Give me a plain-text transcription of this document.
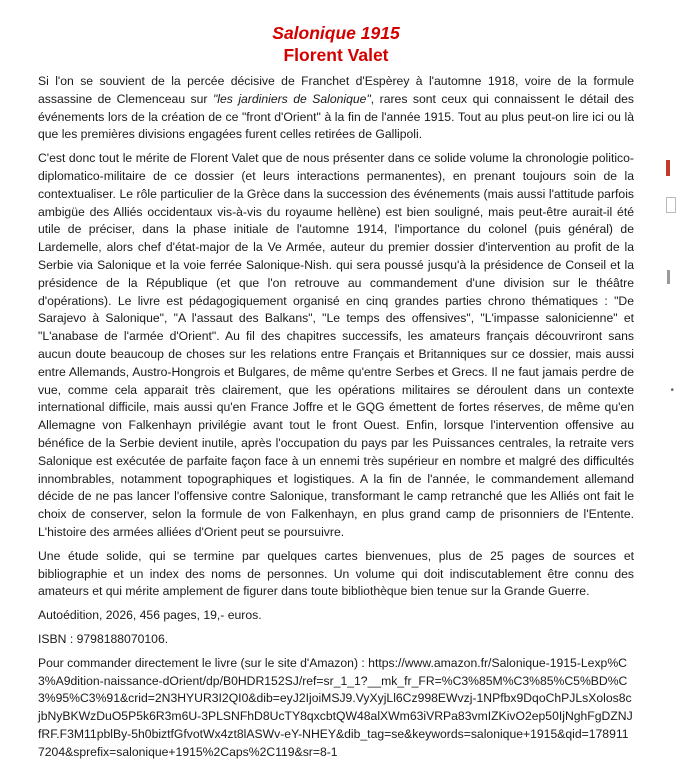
Salonique 1915
Florent Valet

Si l'on se souvient de la percée décisive de Franchet d'Espèrey à l'automne 1918, voire de la formule assassine de Clemenceau sur "les jardiniers de Salonique", rares sont ceux qui connaissent le détail des événements lors de la création de ce "front d'Orient" à la fin de l'année 1915. Tout au plus peut-on lire ici ou là que les premières divisions engagées furent celles retirées de Gallipoli.

C'est donc tout le mérite de Florent Valet que de nous présenter dans ce solide volume la chronologie politico-diplomatico-militaire de ce dossier (et leurs interactions permanentes), en prenant toujours soin de la contextualiser. Le rôle particulier de la Grèce dans la succession des événements (mais aussi l'attitude parfois ambigüe des Alliés occidentaux vis-à-vis du royaume hellène) est bien souligné, mais peut-être aurait-il été utile de préciser, dans la phase initiale de l'automne 1914, l'importance du colonel (puis général) de Lardemelle, alors chef d'état-major de la Ve Armée, auteur du premier dossier d'intervention au profit de la Serbie via Salonique et la voie ferrée Salonique-Nish. qui sera poussé jusqu'à la présidence de Conseil et la présidence de la République (et que l'on retrouve au commandement d'une division sur le théâtre d'opérations). Le livre est pédagogiquement organisé en cinq grandes parties chrono thématiques : "De Sarajevo à Salonique", "A l'assaut des Balkans", "Le temps des offensives", "L'impasse salonicienne" et "L'anabase de l'armée d'Orient". Au fil des chapitres successifs, les amateurs français découvriront sans aucun doute beaucoup de choses sur les relations entre Français et Britanniques sur ce dossier, mais aussi entre Allemands, Austro-Hongrois et Bulgares, de même qu'entre Serbes et Grecs. Il ne faut jamais perdre de vue, comme cela apparait très clairement, que les opérations militaires se déroulent dans un contexte international difficile, mais aussi qu'en France Joffre et le GQG émettent de fortes réserves, de même qu'en Allemagne von Falkenhayn privilégie avant tout le front Ouest. Enfin, lorsque l'intervention offensive au bénéfice de la Serbie devient inutile, après l'occupation du pays par les Puissances centrales, la retraite vers Salonique est exécutée de parfaite façon face à un ennemi très supérieur en nombre et malgré des difficultés innombrables, notamment topographiques et logistiques. A la fin de l'année, le commandement allemand décide de ne pas lancer l'offensive contre Salonique, transformant le camp retranché que les Alliés ont fait le choix de conserver, selon la formule de von Falkenhayn, en plus grand camp de prisonniers de l'Entente. L'histoire des armées alliées d'Orient peut se poursuivre.

Une étude solide, qui se termine par quelques cartes bienvenues, plus de 25 pages de sources et bibliographie et un index des noms de personnes. Un volume qui doit indiscutablement être connu des amateurs et qui mérite amplement de figurer dans toute bibliothèque bien tenue sur la Grande Guerre.

Autoédition, 2026, 456 pages, 19,- euros.

ISBN : 9798188070106.

Pour commander directement le livre (sur le site d'Amazon) : https://www.amazon.fr/Salonique-1915-Lexp%C3%A9dition-naissance-dOrient/dp/B0HDR152SJ/ref=sr_1_1?__mk_fr_FR=%C3%85M%C3%85%C5%BD%C3%95%C3%91&crid=2N3HYUR3I2QI0&dib=eyJ2IjoiMSJ9.VyXyjLl6Cz998EWvzj-1NPfbx9DqoChPJLsXolos8cjbNyBKWzDuO5P5k6R3m6U-3PLSNFhD8UcTY8qxcbtQW48alXWm63iVRPa83vmIZKivO2ep50IjNghFgDZNJfRF.F3M11pblBy-5h0biztfGfvotWx4zt8lASWv-eY-NHEY&dib_tag=se&keywords=salonique+1915&qid=1789117204&sprefix=salonique+1915%2Caps%2C119&sr=8-1

•
